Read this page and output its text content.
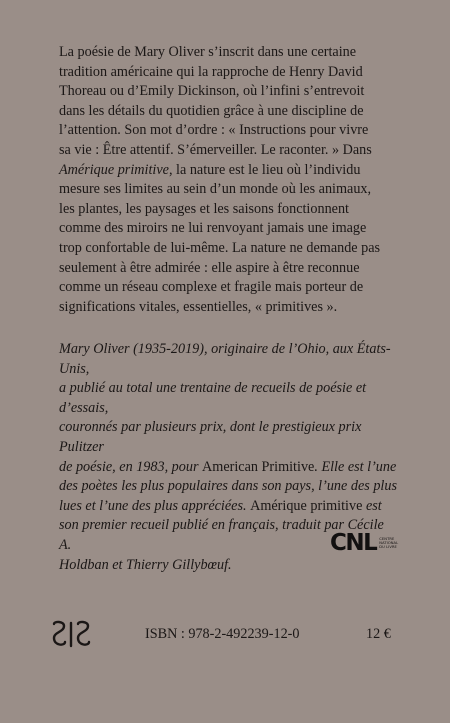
La poésie de Mary Oliver s’inscrit dans une certaine
tradition américaine qui la rapproche de Henry David
Thoreau ou d’Emily Dickinson, où l’infini s’entrevoit
dans les détails du quotidien grâce à une discipline de
l’attention. Son mot d’ordre : « Instructions pour vivre
sa vie : Être attentif. S’émerveiller. Le raconter. » Dans
Amérique primitive, la nature est le lieu où l’individu
mesure ses limites au sein d’un monde où les animaux,
les plantes, les paysages et les saisons fonctionnent
comme des miroirs ne lui renvoyant jamais une image
trop confortable de lui-même. La nature ne demande pas
seulement à être admirée : elle aspire à être reconnue
comme un réseau complexe et fragile mais porteur de
significations vitales, essentielles, « primitives ».

Mary Oliver (1935-2019), originaire de l’Ohio, aux États-Unis,
a publié au total une trentaine de recueils de poésie et d’essais,
couronnés par plusieurs prix, dont le prestigieux prix Pulitzer
de poésie, en 1983, pour American Primitive. Elle est l’une
des poètes les plus populaires dans son pays, l’une des plus
lues et l’une des plus appréciées. Amérique primitive est
son premier recueil publié en français, traduit par Cécile A.
Holdban et Thierry Gillybœuf.

CNL CENTRE
NATIONAL
DU LIVRE
ISBN : 978-2-492239-12-0	12 €
